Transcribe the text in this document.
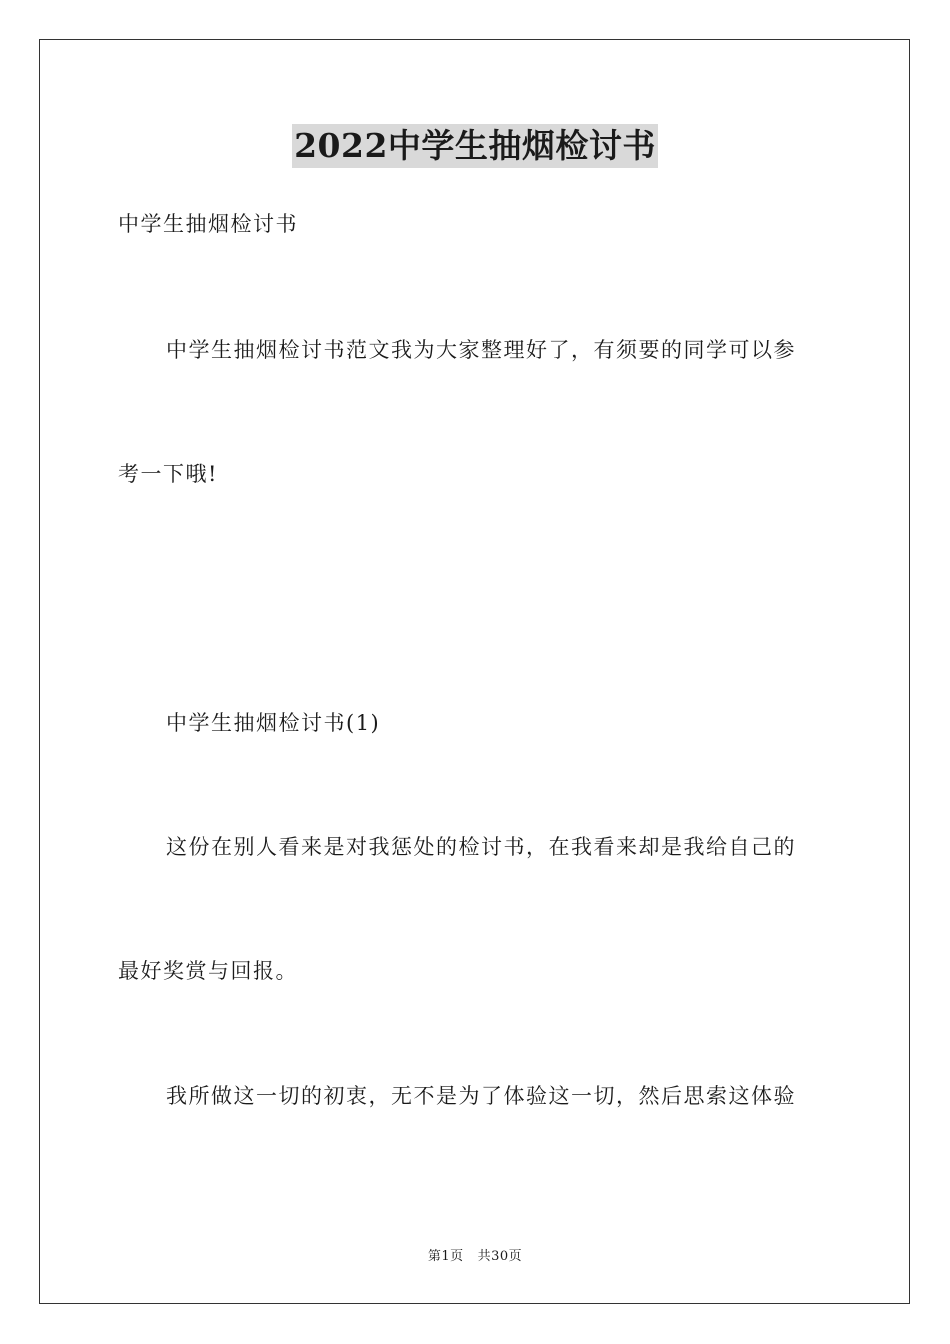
2022中学生抽烟检讨书
中学生抽烟检讨书
中学生抽烟检讨书范文我为大家整理好了，有须要的同学可以参
考一下哦!
中学生抽烟检讨书(1)
这份在别人看来是对我惩处的检讨书，在我看来却是我给自己的
最好奖赏与回报。
我所做这一切的初衷，无不是为了体验这一切，然后思索这体验
第1页 共30页
